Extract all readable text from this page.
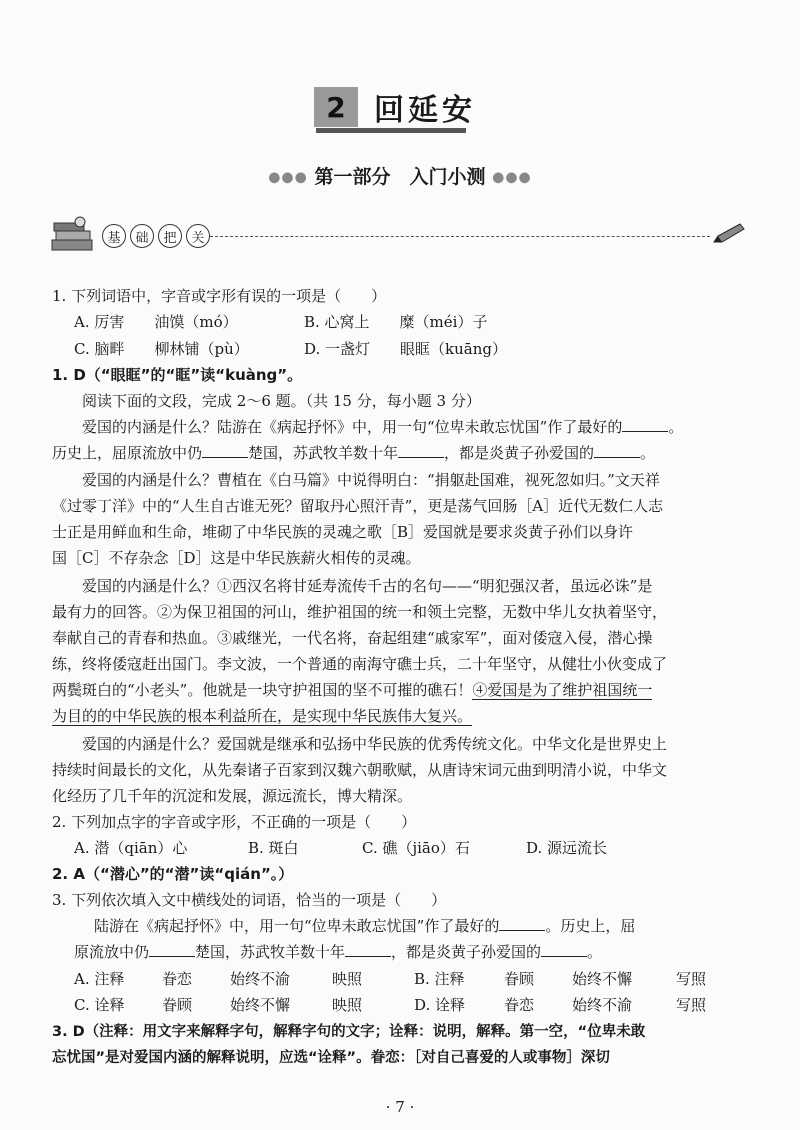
2 回延安
●●● 第一部分　入门小测 ●●●
基	础	把	关
1. 下列词语中，字音或字形有误的一项是（　　）
A. 厉害　　油馍（mó）	B. 心窝上　　糜（méi）子
C. 脑畔　　柳林铺（pù）	D. 一盏灯　　眼眶（kuāng）
1. D（“眼眶”的“眶”读“kuàng”。
阅读下面的文段，完成 2～6 题。（共 15 分，每小题 3 分）
爱国的内涵是什么？陆游在《病起抒怀》中，用一句“位卑未敢忘忧国”作了最好的	。
历史上，屈原流放中仍	楚国，苏武牧羊数十年	，都是炎黄子孙爱国的	。
爱国的内涵是什么？曹植在《白马篇》中说得明白：“捐躯赴国难，视死忽如归。”文天祥
《过零丁洋》中的“人生自古谁无死？留取丹心照汗青”，更是荡气回肠［A］近代无数仁人志
士正是用鲜血和生命，堆砌了中华民族的灵魂之歌［B］爱国就是要求炎黄子孙们以身许
国［C］不存杂念［D］这是中华民族薪火相传的灵魂。
爱国的内涵是什么？①西汉名将甘延寿流传千古的名句——“明犯强汉者，虽远必诛”是
最有力的回答。②为保卫祖国的河山，维护祖国的统一和领土完整，无数中华儿女执着坚守，
奉献自己的青春和热血。③戚继光，一代名将，奋起组建“戚家军”，面对倭寇入侵，潜心操
练，终将倭寇赶出国门。李文波，一个普通的南海守礁士兵，二十年坚守，从健壮小伙变成了
两鬓斑白的“小老头”。他就是一块守护祖国的坚不可摧的礁石！④爱国是为了维护祖国统一
为目的的中华民族的根本利益所在，是实现中华民族伟大复兴。
爱国的内涵是什么？爱国就是继承和弘扬中华民族的优秀传统文化。中华文化是世界史上
持续时间最长的文化，从先秦诸子百家到汉魏六朝歌赋，从唐诗宋词元曲到明清小说，中华文
化经历了几千年的沉淀和发展，源远流长，博大精深。
2. 下列加点字的字音或字形，不正确的一项是（　　）
A. 潜（qiān）心	B. 斑白	C. 礁（jiāo）石	D. 源远流长
2. A（“潜心”的“潜”读“qián”。）
3. 下列依次填入文中横线处的词语，恰当的一项是（　　）
陆游在《病起抒怀》中，用一句“位卑未敢忘忧国”作了最好的	。历史上，屈
原流放中仍	楚国，苏武牧羊数十年	，都是炎黄子孙爱国的	。
A. 注释	眷恋	始终不渝	映照	B. 注释	眷顾	始终不懈	写照
C. 诠释	眷顾	始终不懈	映照	D. 诠释	眷恋	始终不渝	写照
3. D（注释：用文字来解释字句，解释字句的文字；诠释：说明，解释。第一空，“位卑未敢
忘忧国”是对爱国内涵的解释说明，应选“诠释”。眷恋：［对自己喜爱的人或事物］深切
· 7 ·
